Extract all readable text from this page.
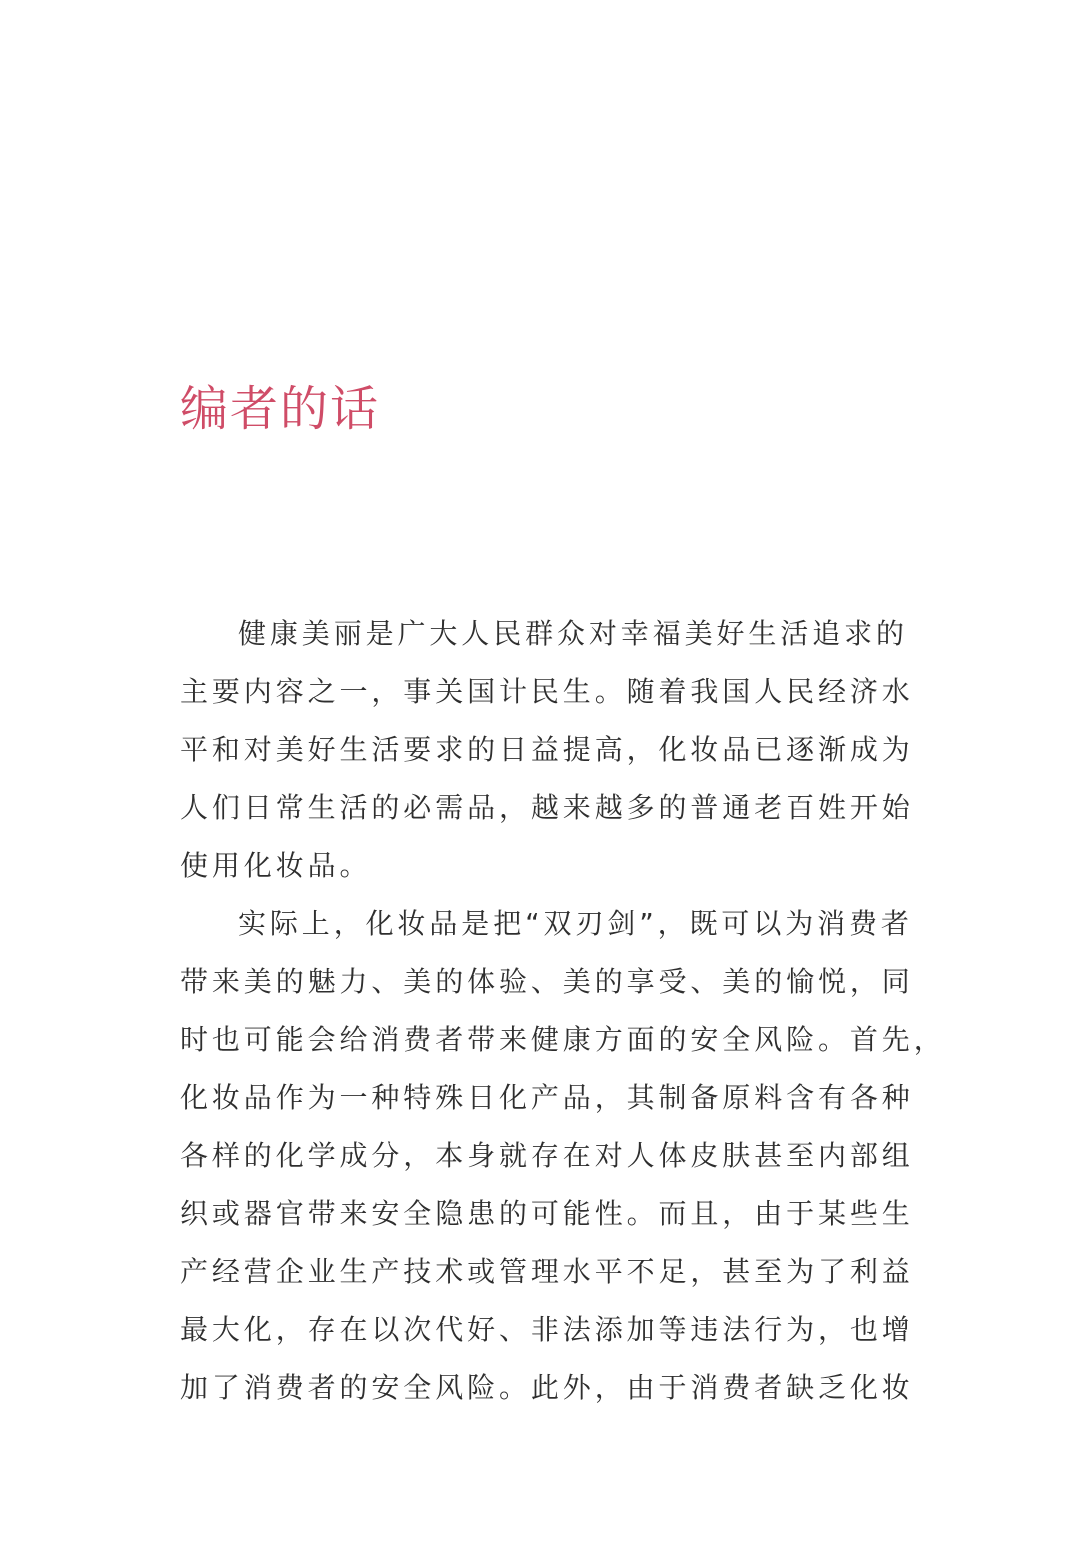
编者的话
健康美丽是广大人民群众对幸福美好生活追求的
主要内容之一，事关国计民生。随着我国人民经济水
平和对美好生活要求的日益提高，化妆品已逐渐成为
人们日常生活的必需品，越来越多的普通老百姓开始
使用化妆品。
实际上，化妆品是把“双刃剑”，既可以为消费者
带来美的魅力、美的体验、美的享受、美的愉悦，同
时也可能会给消费者带来健康方面的安全风险。首先，
化妆品作为一种特殊日化产品，其制备原料含有各种
各样的化学成分，本身就存在对人体皮肤甚至内部组
织或器官带来安全隐患的可能性。而且，由于某些生
产经营企业生产技术或管理水平不足，甚至为了利益
最大化，存在以次代好、非法添加等违法行为，也增
加了消费者的安全风险。此外，由于消费者缺乏化妆
